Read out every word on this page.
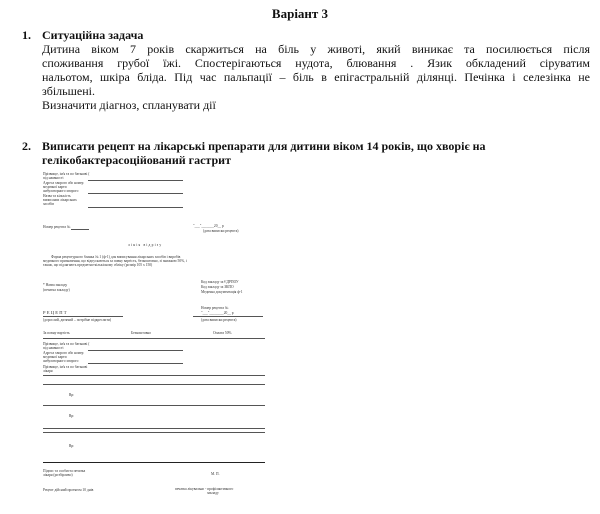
Варіант 3
1. Ситуаційна задача
Дитина віком 7 років скаржиться на біль у животі, який виникає та посилюється після
споживання грубої їжі. Спостерігаються нудота, блювання . Язик обкладений сіруватим
нальотом, шкіра бліда. Під час пальпації – біль в епігастральній ділянці. Печінка і селезінка не
збільшені.
Визначити діагноз, спланувати дії
2. Виписати рецепт на лікарські препарати для дитини віком 14 років, що хворіє на
гелікобактерасоційований гастрит
Прізвище, ім'я та по батькові (
під наявності
Адреса хворого або номер
медичної карти
амбулаторного хворого
Назва та кількість
виписаних лікарських
засобів
Номер рецепта №	"___"_______20__ р
(дата виписки рецепта)
лінія відрізу
Форма рецептурного бланка № 1 (ф-1) для виписування лікарських засобів і виробів
медичного призначення, що відпускаються за повну вартість, безкоштовно, зі знижкою 50%, і
також, що підлягають предметно-кількісному обліку (розмір 105 х 150)
* Назва закладу
(печатка закладу)
Код закладу за ЄДРПОУ
Код закладу за ЗКПО
Медична документація ф-1
Номер рецепта №
"___"________20__ р
РЕЦЕПТ
(дорослий, дитячий – потрібне підкреслити)	(дата виписки рецепта)
За повну вартість	Безкоштовно	Оплата 50%
Прізвище, ім'я та по батькові (
під наявності
Адреса хворого або номер
медичної карти
амбулаторного хворого
Прізвище, ім'я та по батькові
лікаря
Rp:
Rp:
Rp:
Підпис та особиста печатка
лікаря (розбірливо)	М. П.
Рецепт дійсний протягом 10 днів	печатка лікувально - профілактичного
закладу
